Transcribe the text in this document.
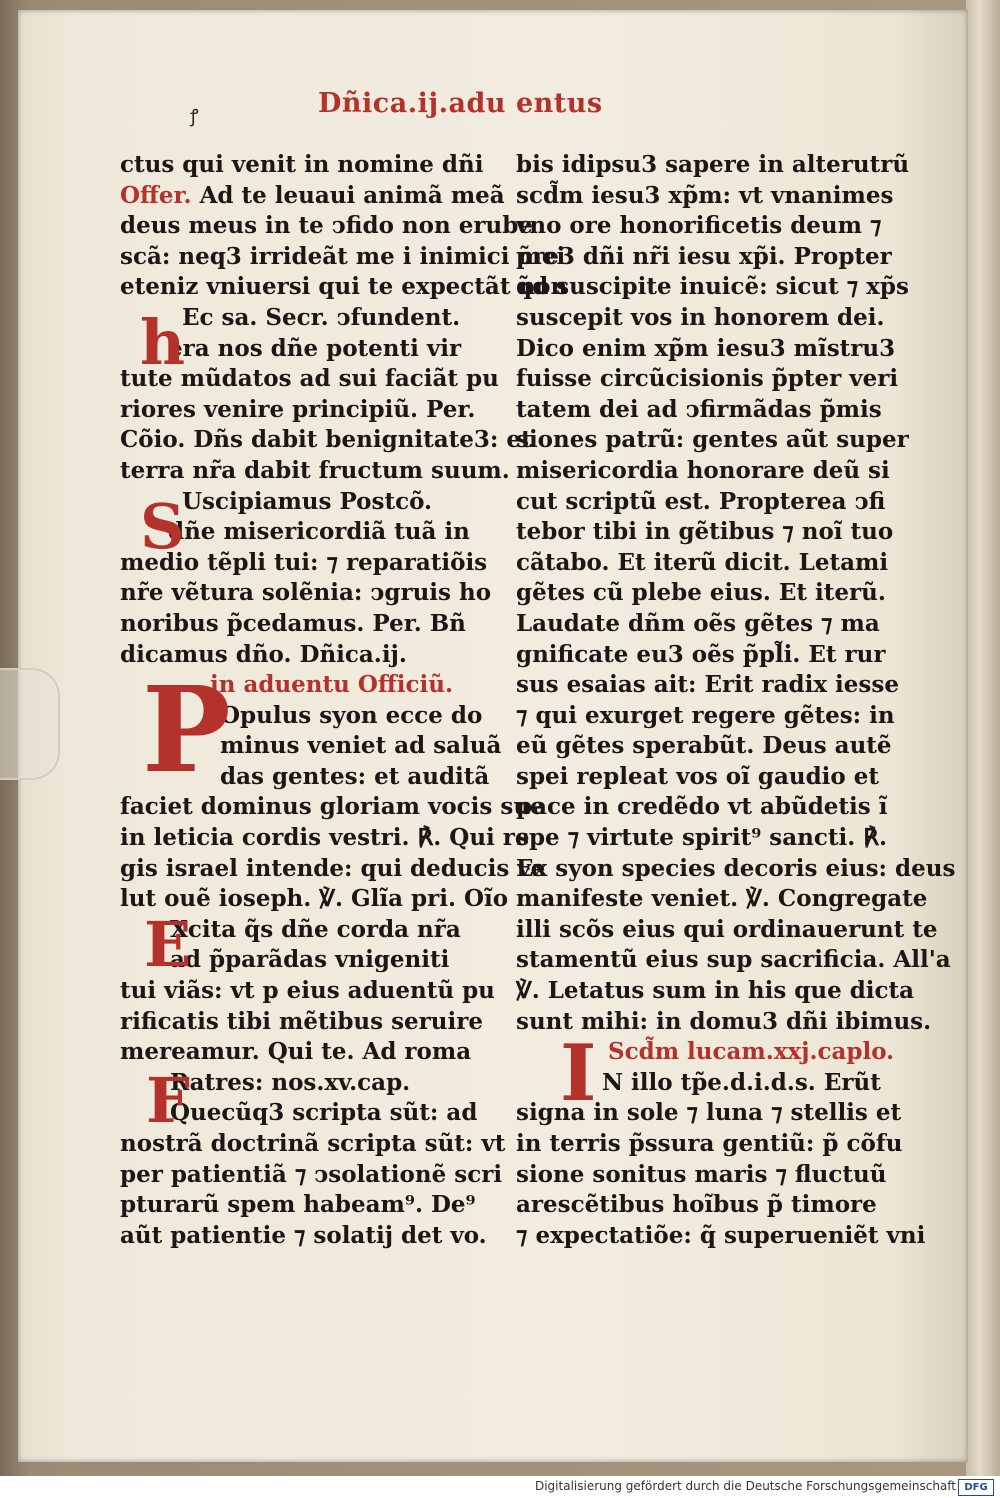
ꝭ	Dñica.ij.adu entus
ctus qui venit in nomine dñi
Offer. Ad te leuaui animã meã
deus meus in te ↄfido non erube
scã: neq3 irrideãt me i inimici mei
eteniz vniuersi qui te expectãt non
Ec sa. Secr. ↄfundent.
era nos dñe potenti vir
tute mũdatos ad sui faciãt pu
riores venire principiũ. Per.
Cõio. Dñs dabit benignitate3: et
terra nr̃a dabit fructum suum.
Uscipiamus Postcõ.
dñe misericordiã tuã in
medio tẽpli tui: ⁊ reparatiõis
nr̃e vẽtura solẽnia: ↄgruis ho
noribus p̃cedamus. Per. Bñ
dicamus dño. Dñica.ij.
in aduentu Officiũ.
Opulus syon ecce do
minus veniet ad saluã
das gentes: et auditã
faciet dominus gloriam vocis sue
in leticia cordis vestri. ℟. Qui re
gis israel intende: qui deducis ve
lut ouẽ ioseph. ℣. Glĩa pri. Oĩo
Xcita q̃s dñe corda nr̃a
ad p̃parãdas vnigeniti
tui viãs: vt p eius aduentũ pu
rificatis tibi mẽtibus seruire
mereamur. Qui te. Ad roma
Ratres: nos.xv.cap.
Quecũq3 scripta sũt: ad
nostrã doctrinã scripta sũt: vt
per patientiã ⁊ ↄsolationẽ scri
pturarũ spem habeam⁹. De⁹
aũt patientie ⁊ solatij det vo.
bis idipsu3 sapere in alterutrũ
scd̃m iesu3 xp̃m: vt vnanimes
vno ore honorificetis deum ⁊
p̃re3 dñi nr̃i iesu xp̃i. Propter
q̃d suscipite inuicẽ: sicut ⁊ xp̃s
suscepit vos in honorem dei.
Dico enim xp̃m iesu3 mĩstru3
fuisse circũcisionis p̃pter veri
tatem dei ad ↄfirmãdas p̃mis
siones patrũ: gentes aũt super
misericordia honorare deũ si
cut scriptũ est. Propterea ↄfi
tebor tibi in gẽtibus ⁊ noĩ tuo
cãtabo. Et iterũ dicit. Letami
gẽtes cũ plebe eius. Et iterũ.
Laudate dñm oẽs gẽtes ⁊ ma
gnificate eu3 oẽs p̃pl̃i. Et rur
sus esaias ait: Erit radix iesse
⁊ qui exurget regere gẽtes: in
eũ gẽtes sperabũt. Deus autẽ
spei repleat vos oĩ gaudio et
pace in credẽdo vt abũdetis ĩ
spe ⁊ virtute spirit⁹ sancti. ℟.
Ex syon species decoris eius: deus
manifeste veniet. ℣. Congregate
illi scõs eius qui ordinauerunt te
stamentũ eius sup sacrificia. All'a
℣. Letatus sum in his que dicta
sunt mihi: in domu3 dñi ibimus.
Scd̃m lucam.xxj.caplo.
N illo tp̃e.d.i.d.s. Erũt
signa in sole ⁊ luna ⁊ stellis et
in terris p̃ssura gentiũ: p̃ cõfu
sione sonitus maris ⁊ fluctuũ
arescẽtibus hoĩbus p̃ timore
⁊ expectatiõe: q̃ superueniẽt vni
h
S
P
E
F	I
Digitalisierung gefördert durch die Deutsche Forschungsgemeinschaft DFG
